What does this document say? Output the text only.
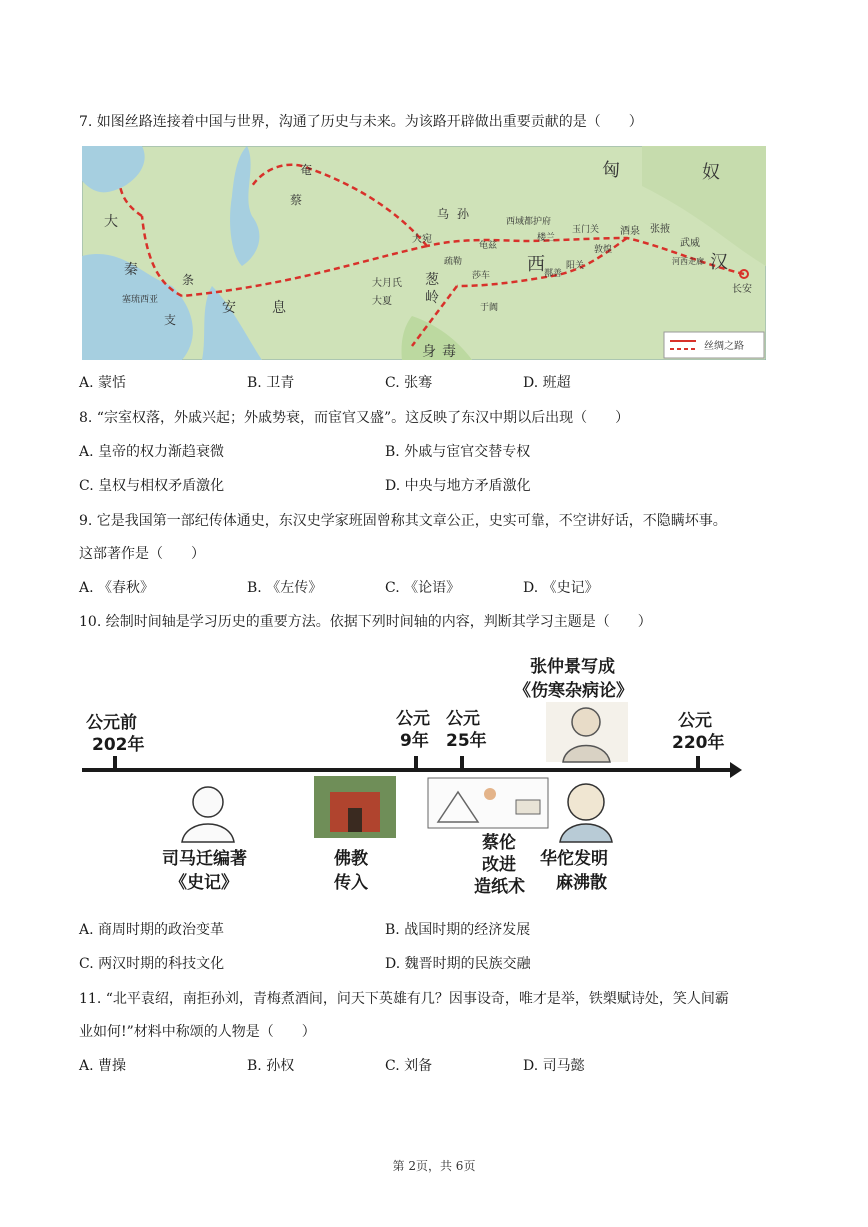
7. 如图丝路连接着中国与世界，沟通了历史与未来。为该路开辟做出重要贡献的是（　　）
匈	奴
汉
西
大
秦
安	息
奄
蔡
条
支
葱
岭
身 毒
乌 孙
大宛
大月氏
大夏
长安
武威
张掖
酒泉
玉门关
敦煌
阳关
楼兰
鄯善
龟兹
疏勒
莎车
于阗
西域都护府
塞琉西亚
河西走廊
丝绸之路
A. 蒙恬	B. 卫青	C. 张骞	D. 班超
8. “宗室权落，外戚兴起；外戚势衰，而宦官又盛”。这反映了东汉中期以后出现（　　）
A. 皇帝的权力渐趋衰微	B. 外戚与宦官交替专权
C. 皇权与相权矛盾激化	D. 中央与地方矛盾激化
9. 它是我国第一部纪传体通史，东汉史学家班固曾称其文章公正，史实可靠，不空讲好话，不隐瞒坏事。
这部著作是（　　）
A. 《春秋》	B. 《左传》	C. 《论语》	D. 《史记》
10. 绘制时间轴是学习历史的重要方法。依据下列时间轴的内容，判断其学习主题是（　　）
公元前
202年
公元
9年
公元
25年
公元
220年
张仲景写成
《伤寒杂病论》
司马迁编著
《史记》
佛教
传入
蔡伦
改进
造纸术
华佗发明
麻沸散
A. 商周时期的政治变革	B. 战国时期的经济发展
C. 两汉时期的科技文化	D. 魏晋时期的民族交融
11. “北平袁绍，南拒孙刘，青梅煮酒间，问天下英雄有几？因事设奇，唯才是举，铁槊赋诗处，笑人间霸
业如何!”材料中称颂的人物是（　　）
A. 曹操	B. 孙权	C. 刘备	D. 司马懿
第 2页，共 6页
